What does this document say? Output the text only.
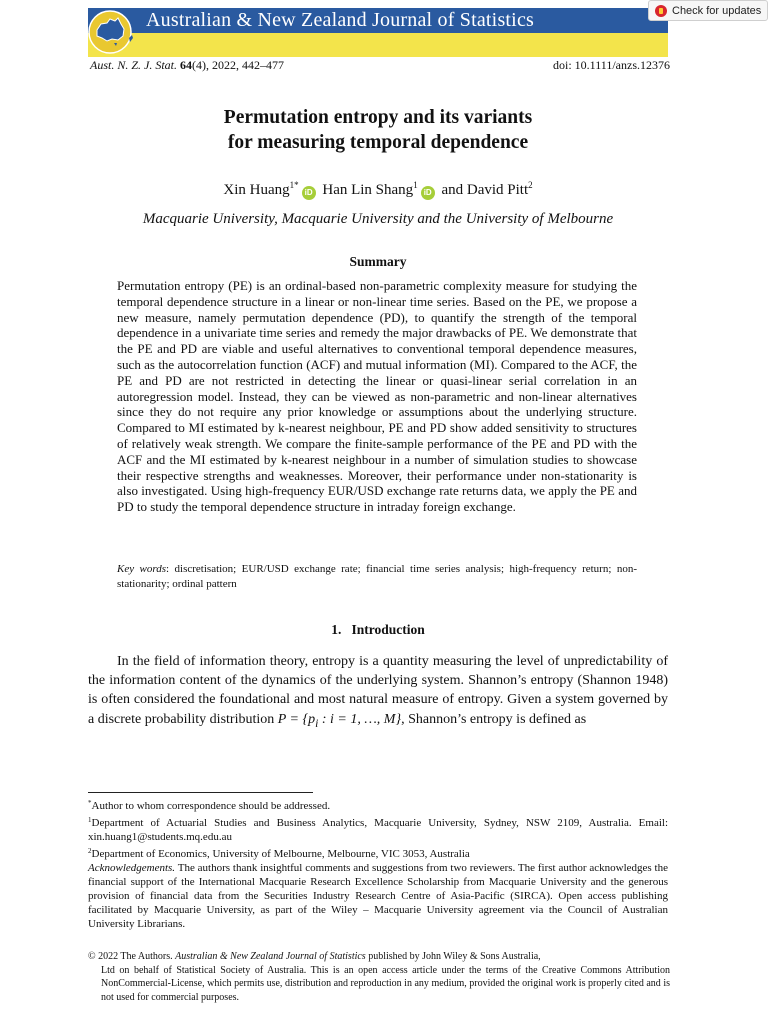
Australian & New Zealand Journal of Statistics	Check for updates
Aust. N. Z. J. Stat. 64(4), 2022, 442–477	doi: 10.1111/anzs.12376
Permutation entropy and its variants
for measuring temporal dependence
Xin Huang$^{1*}$iD Han Lin Shang$^1$iD and David Pitt$^2$
Macquarie University, Macquarie University and the University of Melbourne
Summary

Permutation entropy (PE) is an ordinal-based non-parametric complexity measure for studying the temporal dependence structure in a linear or non-linear time series. Based on the PE, we propose a new measure, namely permutation dependence (PD), to quantify the strength of the temporal dependence in a univariate time series and remedy the major drawbacks of PE. We demonstrate that the PE and PD are viable and useful alternatives to conventional temporal dependence measures, such as the autocorrelation function (ACF) and mutual information (MI). Compared to the ACF, the PE and PD are not restricted in detecting the linear or quasi-linear serial correlation in an autoregression model. Instead, they can be viewed as non-parametric and non-linear alternatives since they do not require any prior knowledge or assumptions about the underlying structure. Compared to MI estimated by k-nearest neighbour, PE and PD show added sensitivity to structures of relatively weak strength. We compare the finite-sample performance of the PE and PD with the ACF and the MI estimated by k-nearest neighbour in a number of simulation studies to showcase their respective strengths and weaknesses. Moreover, their performance under non-stationarity is also investigated. Using high-frequency EUR/USD exchange rate returns data, we apply the PE and PD to study the temporal dependence structure in intraday foreign exchange.

Key words: discretisation; EUR/USD exchange rate; financial time series analysis; high-frequency return; non-stationarity; ordinal pattern

1.   Introduction

In the field of information theory, entropy is a quantity measuring the level of unpredictability of the information content of the dynamics of the underlying system. Shannon’s entropy (Shannon 1948) is often considered the foundational and most natural measure of entropy. Given a system governed by a discrete probability distribution $P = \{p_i$ : i = 1, …, M}, Shannon’s entropy is defined as

*Author to whom correspondence should be addressed.

$^1$Department of Actuarial Studies and Business Analytics, Macquarie University, Sydney, NSW 2109, Australia. Email: xin.huang1@students.mq.edu.au

$^2$Department of Economics, University of Melbourne, Melbourne, VIC 3053, Australia

Acknowledgements. The authors thank insightful comments and suggestions from two reviewers. The first author acknowledges the financial support of the International Macquarie Research Excellence Scholarship from Macquarie University and the generous provision of financial data from the Securities Industry Research Centre of Asia-Pacific (SIRCA). Open access publishing facilitated by Macquarie University, as part of the Wiley – Macquarie University agreement via the Council of Australian University Librarians.

© 2022 The Authors. Australian & New Zealand Journal of Statistics published by John Wiley & Sons Australia,

Ltd on behalf of Statistical Society of Australia. This is an open access article under the terms of the Creative Commons Attribution NonCommercial-License, which permits use, distribution and reproduction in any medium, provided the original work is properly cited and is not used for commercial purposes.
